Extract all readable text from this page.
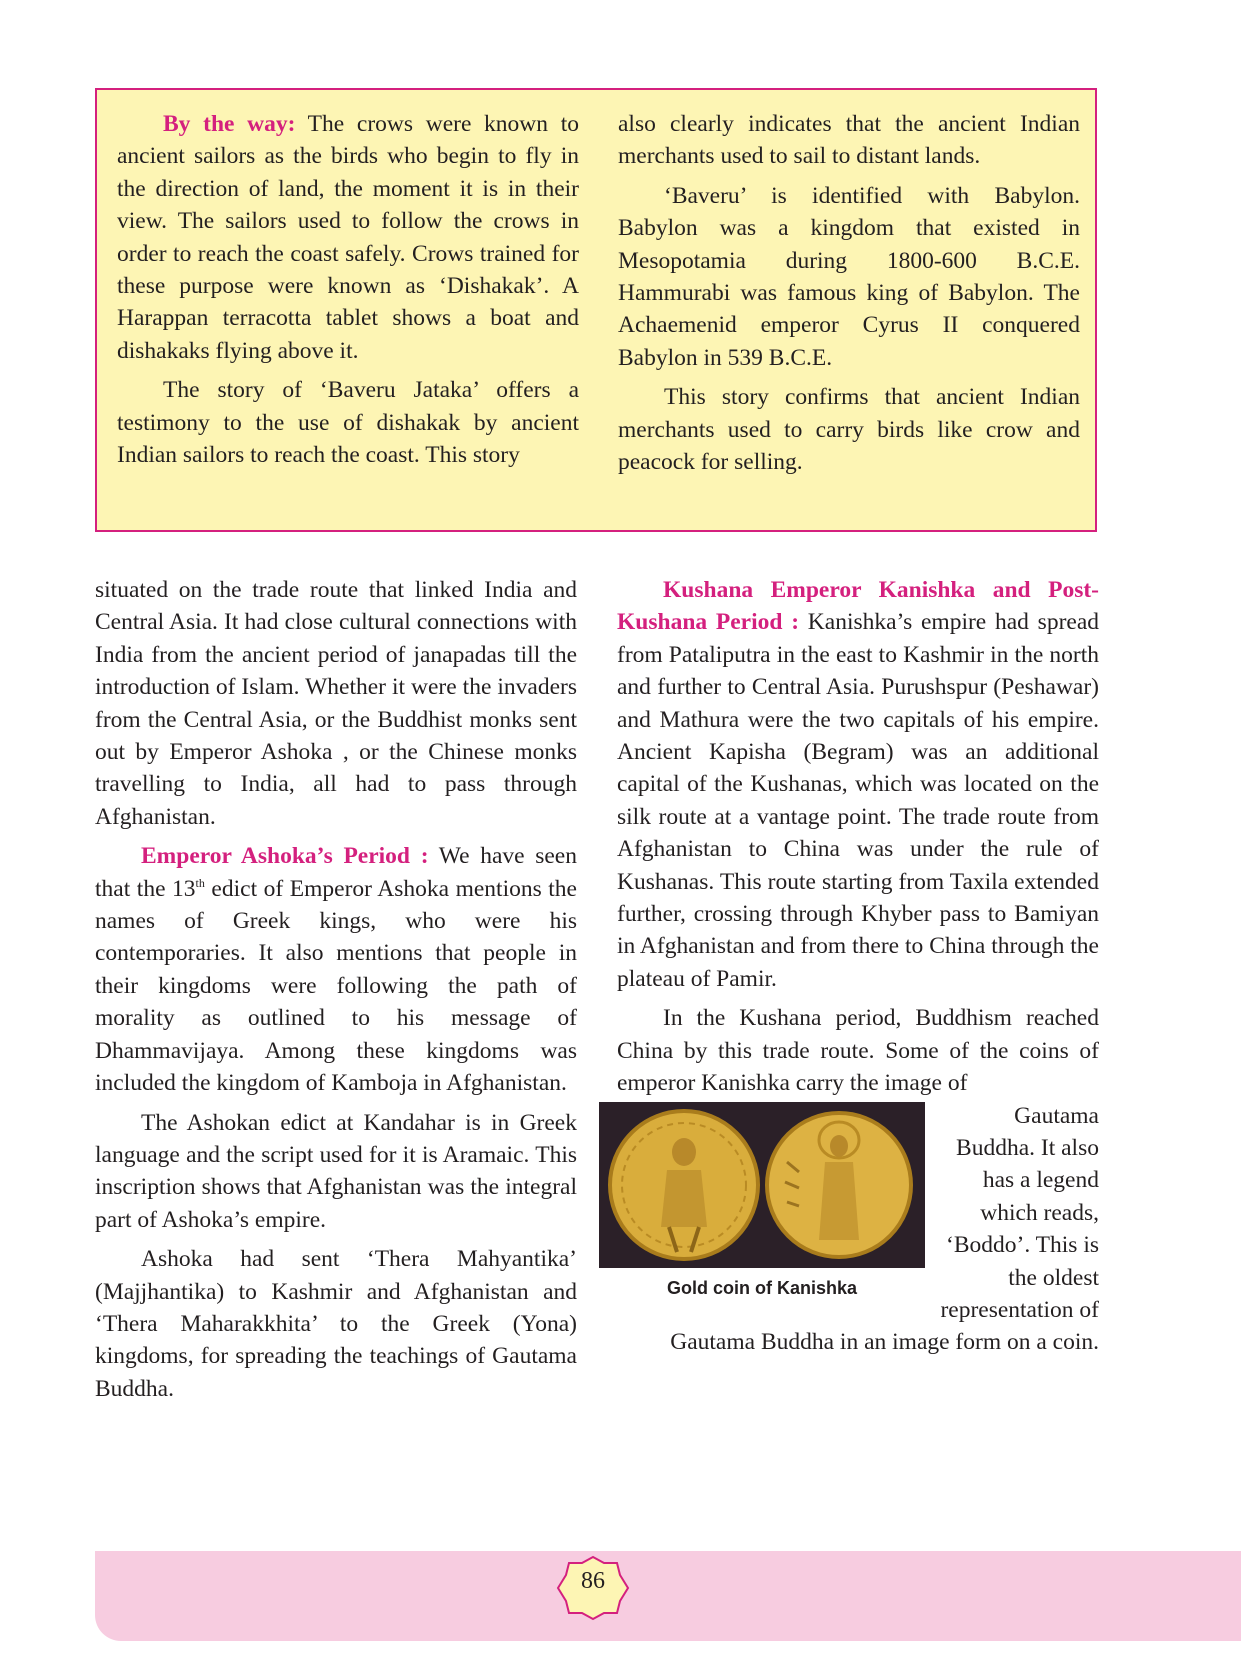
By the way: The crows were known to ancient sailors as the birds who begin to fly in the direction of land, the moment it is in their view. The sailors used to follow the crows in order to reach the coast safely. Crows trained for these purpose were known as ‘Dishakak’. A Harappan terracotta tablet shows a boat and dishakaks flying above it.

The story of ‘Baveru Jataka’ offers a testimony to the use of dishakak by ancient Indian sailors to reach the coast. This story

also clearly indicates that the ancient Indian merchants used to sail to distant lands.

‘Baveru’ is identified with Babylon. Babylon was a kingdom that existed in Mesopotamia during 1800-600 B.C.E. Hammurabi was famous king of Babylon. The Achaemenid emperor Cyrus II conquered Babylon in 539 B.C.E.

This story confirms that ancient Indian merchants used to carry birds like crow and peacock for selling.

situated on the trade route that linked India and Central Asia. It had close cultural connections with India from the ancient period of janapadas till the introduction of Islam. Whether it were the invaders from the Central Asia, or the Buddhist monks sent out by Emperor Ashoka , or the Chinese monks travelling to India, all had to pass through Afghanistan.

Emperor Ashoka’s Period : We have seen that the 13th edict of Emperor Ashoka mentions the names of Greek kings, who were his contemporaries. It also mentions that people in their kingdoms were following the path of morality as outlined to his message of Dhammavijaya. Among these kingdoms was included the kingdom of Kamboja in Afghanistan.

The Ashokan edict at Kandahar is in Greek language and the script used for it is Aramaic. This inscription shows that Afghanistan was the integral part of Ashoka’s empire.

Ashoka had sent ‘Thera Mahyantika’ (Majjhantika) to Kashmir and Afghanistan and ‘Thera Maharakkhita’ to the Greek (Yona) kingdoms, for spreading the teachings of Gautama Buddha.

Kushana Emperor Kanishka and Post-Kushana Period : Kanishka’s empire had spread from Pataliputra in the east to Kashmir in the north and further to Central Asia. Purushspur (Peshawar) and Mathura were the two capitals of his empire. Ancient Kapisha (Begram) was an additional capital of the Kushanas, which was located on the silk route at a vantage point. The trade route from Afghanistan to China was under the rule of Kushanas. This route starting from Taxila extended further, crossing through Khyber pass to Bamiyan in Afghanistan and from there to China through the plateau of Pamir.

In the Kushana period, Buddhism reached China by this trade route. Some of the coins of emperor Kanishka carry the image of

Gold coin of Kanishka

Gautama Buddha. It also has a legend which reads, ‘Boddo’. This is the oldest representation of Gautama Buddha in an image form on a coin.

86
